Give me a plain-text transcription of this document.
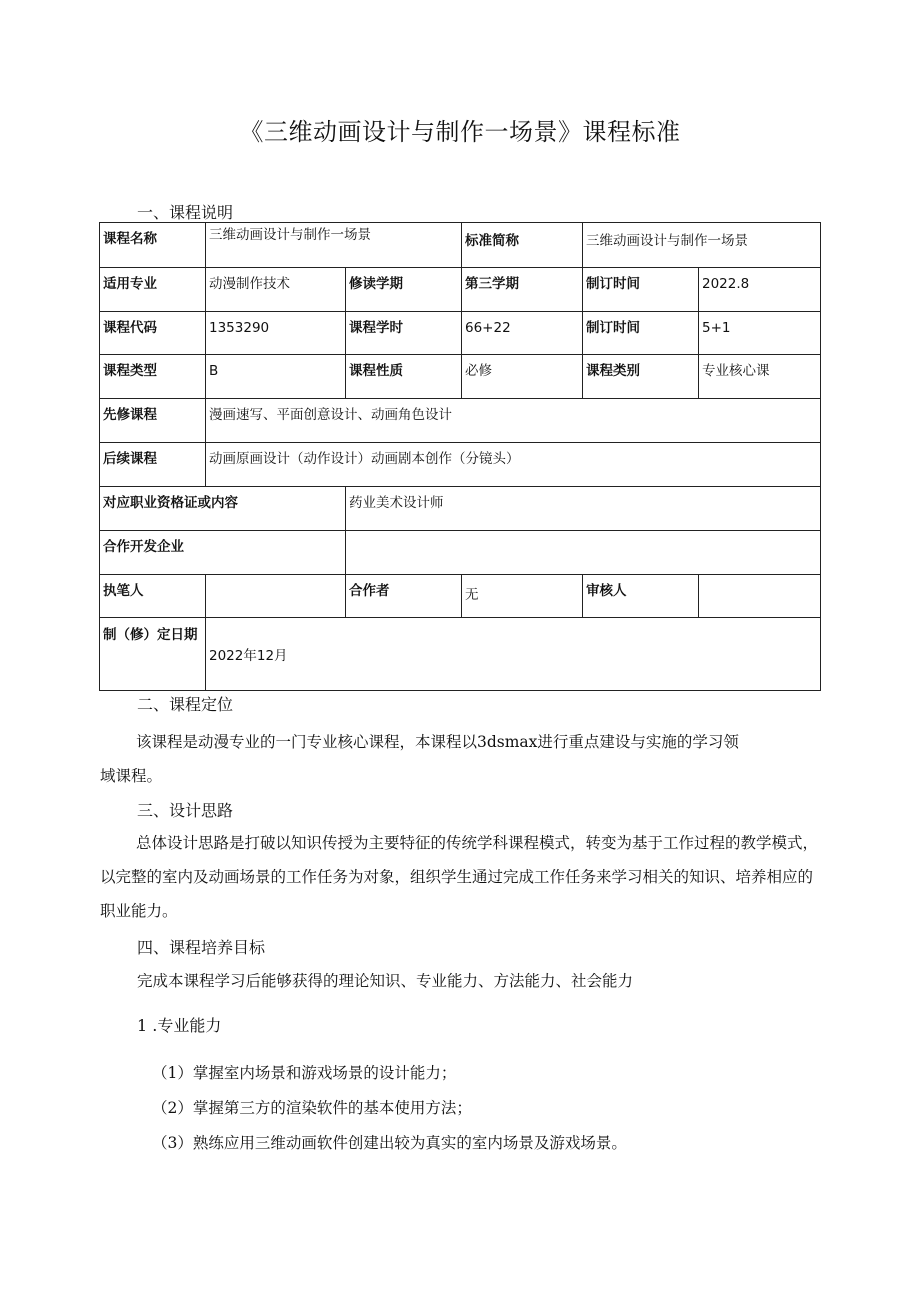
《三维动画设计与制作一场景》课程标准
一、课程说明
课程名称	三维动画设计与制作一场景		标准简称	三维动画设计与制作一场景	
适用专业	动漫制作技术	修读学期	第三学期	制订时间	2022.8
课程代码	1353290	课程学时	66+22	制订时间	5+1
课程类型	B	课程性质	必修	课程类别	专业核心课
先修课程	漫画速写、平面创意设计、动画角色设计				
后续课程	动画原画设计（动作设计）动画剧本创作（分镜头）				
对应职业资格证或内容		药业美术设计师			
合作开发企业					
执笔人		合作者	无	审核人	
制（修）定日期	2022年12月				
二、课程定位
该课程是动漫专业的一门专业核心课程，本课程以3dsmax进行重点建设与实施的学习领域课程。
三、设计思路
总体设计思路是打破以知识传授为主要特征的传统学科课程模式，转变为基于工作过程的教学模式，以完整的室内及动画场景的工作任务为对象，组织学生通过完成工作任务来学习相关的知识、培养相应的职业能力。
四、课程培养目标
完成本课程学习后能够获得的理论知识、专业能力、方法能力、社会能力
1 .专业能力
（1）掌握室内场景和游戏场景的设计能力；
（2）掌握第三方的渲染软件的基本使用方法；
（3）熟练应用三维动画软件创建出较为真实的室内场景及游戏场景。
